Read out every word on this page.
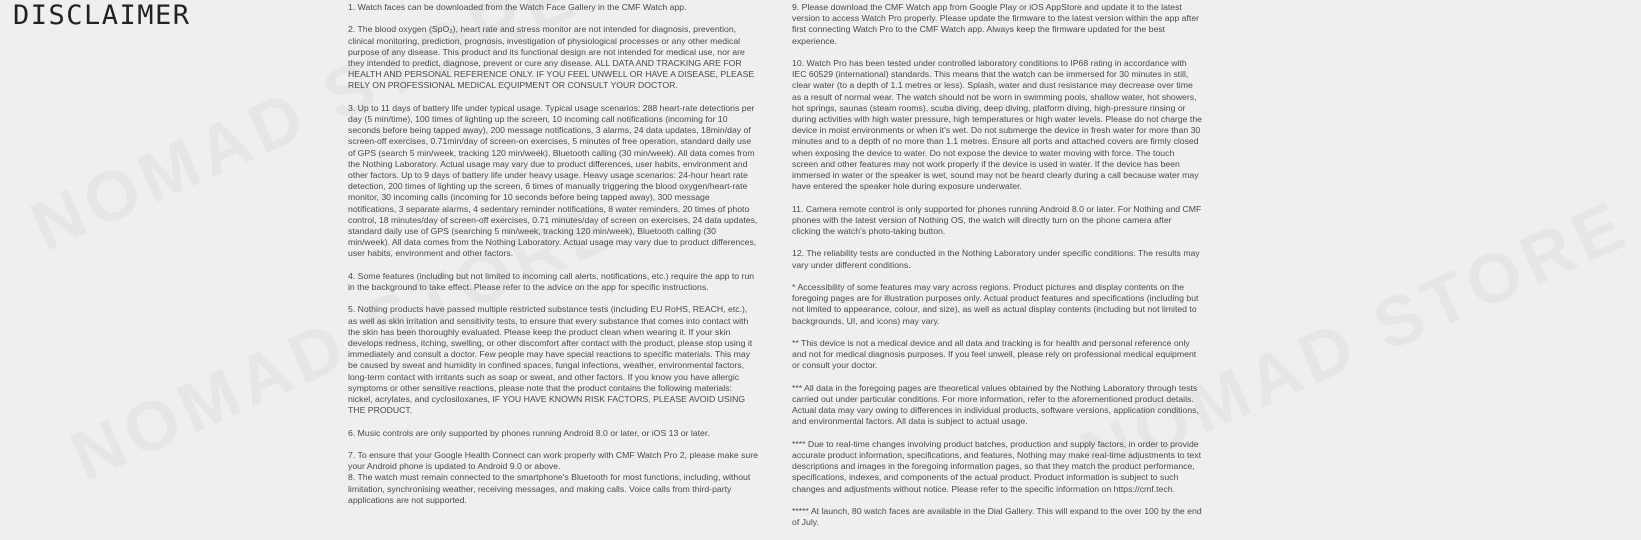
DISCLAIMER	1. Watch faces can be downloaded from the Watch Face Gallery in the CMF Watch app.

2. The blood oxygen (SpO₂), heart rate and stress monitor are not intended for diagnosis, prevention, clinical monitoring, prediction, prognosis, investigation of physiological processes or any other medical purpose of any disease. This product and its functional design are not intended for medical use, nor are they intended to predict, diagnose, prevent or cure any disease. ALL DATA AND TRACKING ARE FOR HEALTH AND PERSONAL REFERENCE ONLY. IF YOU FEEL UNWELL OR HAVE A DISEASE, PLEASE RELY ON PROFESSIONAL MEDICAL EQUIPMENT OR CONSULT YOUR DOCTOR.

3. Up to 11 days of battery life under typical usage. Typical usage scenarios: 288 heart-rate detections per day (5 min/time), 100 times of lighting up the screen, 10 incoming call notifications (incoming for 10 seconds before being tapped away), 200 message notifications, 3 alarms, 24 data updates, 18min/day of screen-off exercises, 0.71min/day of screen-on exercises, 5 minutes of free operation, standard daily use of GPS (search 5 min/week, tracking 120 min/week), Bluetooth calling (30 min/week). All data comes from the Nothing Laboratory. Actual usage may vary due to product differences, user habits, environment and other factors. Up to 9 days of battery life under heavy usage. Heavy usage scenarios: 24-hour heart rate detection, 200 times of lighting up the screen, 6 times of manually triggering the blood oxygen/heart-rate monitor, 30 incoming calls (incoming for 10 seconds before being tapped away), 300 message notifications, 3 separate alarms, 4 sedentary reminder notifications, 8 water reminders, 20 times of photo control, 18 minutes/day of screen-off exercises, 0.71 minutes/day of screen on exercises, 24 data updates, standard daily use of GPS (searching 5 min/week, tracking 120 min/week), Bluetooth calling (30 min/week). All data comes from the Nothing Laboratory. Actual usage may vary due to product differences, user habits, environment and other factors.

4. Some features (including but not limited to incoming call alerts, notifications, etc.) require the app to run in the background to take effect. Please refer to the advice on the app for specific instructions.

5. Nothing products have passed multiple restricted substance tests (including EU RoHS, REACH, etc.), as well as skin irritation and sensitivity tests, to ensure that every substance that comes into contact with the skin has been thoroughly evaluated. Please keep the product clean when wearing it. If your skin develops redness, itching, swelling, or other discomfort after contact with the product, please stop using it immediately and consult a doctor. Few people may have special reactions to specific materials. This may be caused by sweat and humidity in confined spaces, fungal infections, weather, environmental factors, long-term contact with irritants such as soap or sweat, and other factors. If you know you have allergic symptoms or other sensitive reactions, please note that the product contains the following materials: nickel, acrylates, and cyclosiloxanes, IF YOU HAVE KNOWN RISK FACTORS, PLEASE AVOID USING THE PRODUCT.

6. Music controls are only supported by phones running Android 8.0 or later, or iOS 13 or later.

7. To ensure that your Google Health Connect can work properly with CMF Watch Pro 2, please make sure your Android phone is updated to Android 9.0 or above.

8. The watch must remain connected to the smartphone's Bluetooth for most functions, including, without limitation, synchronising weather, receiving messages, and making calls. Voice calls from third-party applications are not supported.

9. Please download the CMF Watch app from Google Play or iOS AppStore and update it to the latest version to access Watch Pro properly. Please update the firmware to the latest version within the app after first connecting Watch Pro to the CMF Watch app. Always keep the firmware updated for the best experience.

10. Watch Pro has been tested under controlled laboratory conditions to IP68 rating in accordance with IEC 60529 (international) standards. This means that the watch can be immersed for 30 minutes in still, clear water (to a depth of 1.1 metres or less). Splash, water and dust resistance may decrease over time as a result of normal wear. The watch should not be worn in swimming pools, shallow water, hot showers, hot springs, saunas (steam rooms), scuba diving, deep diving, platform diving, high-pressure rinsing or during activities with high water pressure, high temperatures or high water levels. Please do not charge the device in moist environments or when it's wet. Do not submerge the device in fresh water for more than 30 minutes and to a depth of no more than 1.1 metres. Ensure all ports and attached covers are firmly closed when exposing the device to water. Do not expose the device to water moving with force. The touch screen and other features may not work properly if the device is used in water. If the device has been immersed in water or the speaker is wet, sound may not be heard clearly during a call because water may have entered the speaker hole during exposure underwater.

11. Camera remote control is only supported for phones running Android 8.0 or later. For Nothing and CMF phones with the latest version of Nothing OS, the watch will directly turn on the phone camera after clicking the watch's photo-taking button.

12. The reliability tests are conducted in the Nothing Laboratory under specific conditions. The results may vary under different conditions.

* Accessibility of some features may vary across regions. Product pictures and display contents on the foregoing pages are for illustration purposes only. Actual product features and specifications (including but not limited to appearance, colour, and size), as well as actual display contents (including but not limited to backgrounds, UI, and icons) may vary.

** This device is not a medical device and all data and tracking is for health and personal reference only and not for medical diagnosis purposes. If you feel unwell, please rely on professional medical equipment or consult your doctor.

*** All data in the foregoing pages are theoretical values obtained by the Nothing Laboratory through tests carried out under particular conditions. For more information, refer to the aforementioned product details. Actual data may vary owing to differences in individual products, software versions, application conditions, and environmental factors. All data is subject to actual usage.

**** Due to real-time changes involving product batches, production and supply factors, in order to provide accurate product information, specifications, and features, Nothing may make real-time adjustments to text descriptions and images in the foregoing information pages, so that they match the product performance, specifications, indexes, and components of the actual product. Product information is subject to such changes and adjustments without notice. Please refer to the specific information on https://cmf.tech.

***** At launch, 80 watch faces are available in the Dial Gallery. This will expand to the over 100 by the end of July.
